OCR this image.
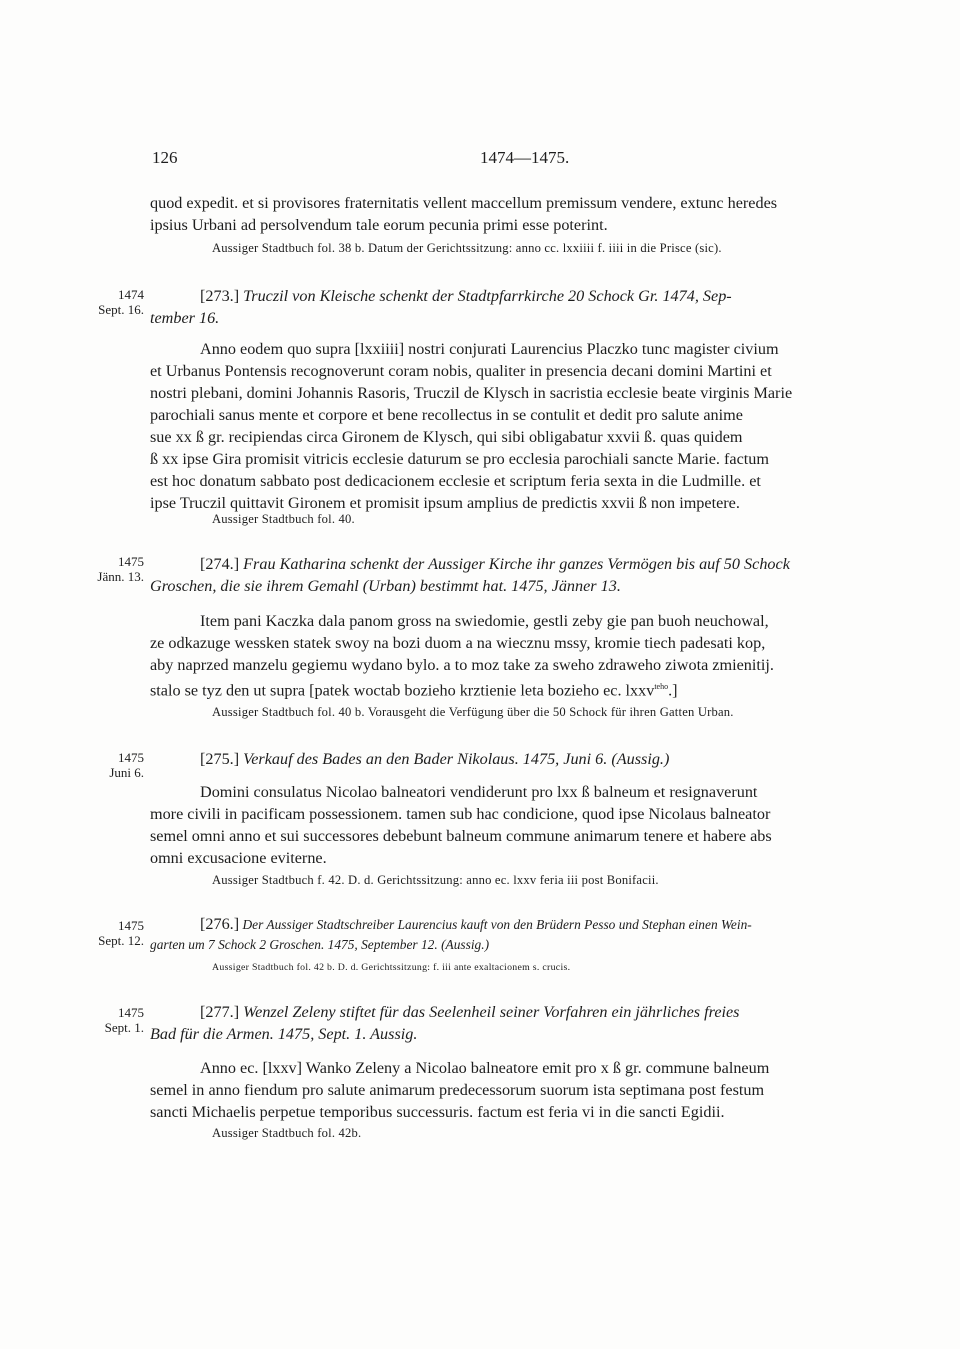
126	1474—1475.
quod expedit. et si provisores fraternitatis vellent maccellum premissum vendere, extunc heredes
ipsius Urbani ad persolvendum tale eorum pecunia primi esse poterint.
Aussiger Stadtbuch fol. 38 b. Datum der Gerichtssitzung: anno cc. lxxiiii f. iiii in die Prisce (sic).
1474
Sept. 16.
[273.] Truczil von Kleische schenkt der Stadtpfarrkirche 20 Schock Gr. 1474, Sep-
tember 16.
Anno eodem quo supra [lxxiiii] nostri conjurati Laurencius Placzko tunc magister civium
et Urbanus Pontensis recognoverunt coram nobis, qualiter in presencia decani domini Martini et
nostri plebani, domini Johannis Rasoris, Truczil de Klysch in sacristia ecclesie beate virginis Marie
parochiali sanus mente et corpore et bene recollectus in se contulit et dedit pro salute anime
sue xx ß gr. recipiendas circa Gironem de Klysch, qui sibi obligabatur xxvii ß. quas quidem
ß xx ipse Gira promisit vitricis ecclesie daturum se pro ecclesia parochiali sancte Marie. factum
est hoc donatum sabbato post dedicacionem ecclesie et scriptum feria sexta in die Ludmille. et
ipse Truczil quittavit Gironem et promisit ipsum amplius de predictis xxvii ß non impetere.
Aussiger Stadtbuch fol. 40.
1475
Jänn. 13.
[274.] Frau Katharina schenkt der Aussiger Kirche ihr ganzes Vermögen bis auf 50 Schock
Groschen, die sie ihrem Gemahl (Urban) bestimmt hat. 1475, Jänner 13.
Item pani Kaczka dala panom gross na swiedomie, gestli zeby gie pan buoh neuchowal,
ze odkazuge wessken statek swoy na bozi duom a na wiecznu mssy, kromie tiech padesati kop,
aby naprzed manzelu gegiemu wydano bylo. a to moz take za sweho zdraweho ziwota zmienitij.
stalo se tyz den ut supra [patek woctab bozieho krztienie leta bozieho ec. lxxv$^{teho}$.]
Aussiger Stadtbuch fol. 40 b. Vorausgeht die Verfügung über die 50 Schock für ihren Gatten Urban.
1475
Juni 6.
[275.] Verkauf des Bades an den Bader Nikolaus. 1475, Juni 6. (Aussig.)
Domini consulatus Nicolao balneatori vendiderunt pro lxx ß balneum et resignaverunt
more civili in pacificam possessionem. tamen sub hac condicione, quod ipse Nicolaus balneator
semel omni anno et sui successores debebunt balneum commune animarum tenere et habere abs
omni excusacione eviterne.
Aussiger Stadtbuch f. 42. D. d. Gerichtssitzung: anno ec. lxxv feria iii post Bonifacii.
1475
Sept. 12.
[276.] Der Aussiger Stadtschreiber Laurencius kauft von den Brüdern Pesso und Stephan einen Wein-
garten um 7 Schock 2 Groschen. 1475, September 12. (Aussig.)
Aussiger Stadtbuch fol. 42 b. D. d. Gerichtssitzung: f. iii ante exaltacionem s. crucis.
1475
Sept. 1.
[277.] Wenzel Zeleny stiftet für das Seelenheil seiner Vorfahren ein jährliches freies
Bad für die Armen. 1475, Sept. 1. Aussig.
Anno ec. [lxxv] Wanko Zeleny a Nicolao balneatore emit pro x ß gr. commune balneum
semel in anno fiendum pro salute animarum predecessorum suorum ista septimana post festum
sancti Michaelis perpetue temporibus successuris. factum est feria vi in die sancti Egidii.
Aussiger Stadtbuch fol. 42b.
